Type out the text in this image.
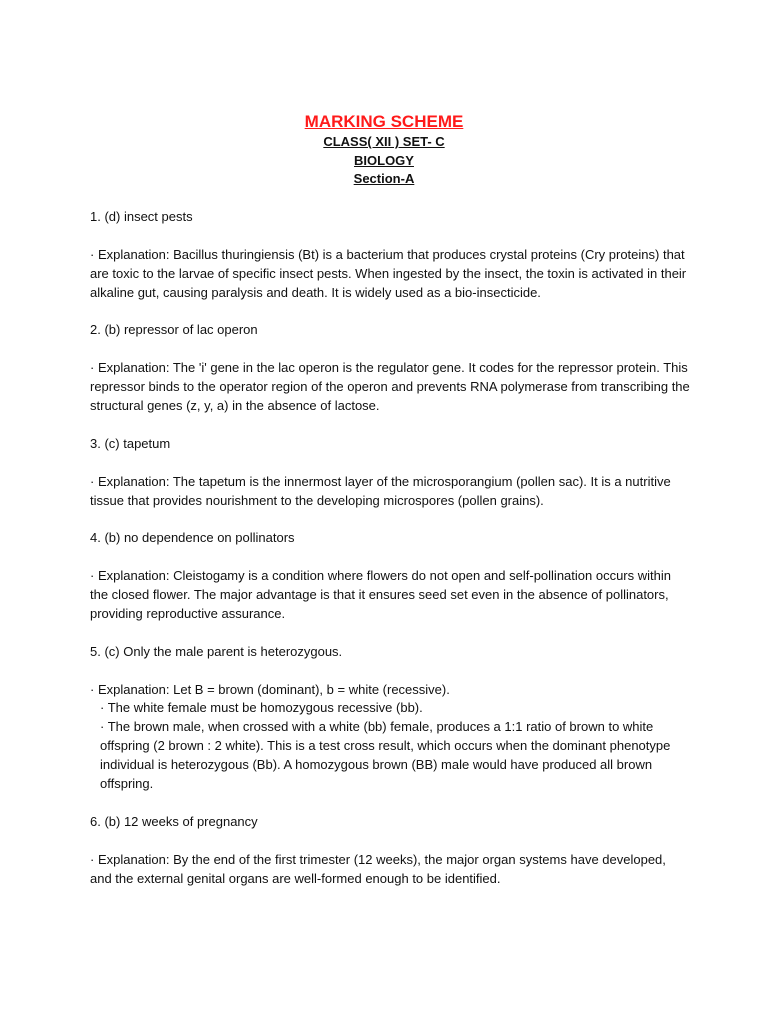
MARKING SCHEME

CLASS( XII ) SET- C

BIOLOGY

Section-A

1. (d) insect pests

· Explanation: Bacillus thuringiensis (Bt) is a bacterium that produces crystal proteins (Cry proteins) that are toxic to the larvae of specific insect pests. When ingested by the insect, the toxin is activated in their alkaline gut, causing paralysis and death. It is widely used as a bio-insecticide.

2. (b) repressor of lac operon

· Explanation: The 'i' gene in the lac operon is the regulator gene. It codes for the repressor protein. This repressor binds to the operator region of the operon and prevents RNA polymerase from transcribing the structural genes (z, y, a) in the absence of lactose.

3. (c) tapetum

· Explanation: The tapetum is the innermost layer of the microsporangium (pollen sac). It is a nutritive tissue that provides nourishment to the developing microspores (pollen grains).

4. (b) no dependence on pollinators

· Explanation: Cleistogamy is a condition where flowers do not open and self-pollination occurs within the closed flower. The major advantage is that it ensures seed set even in the absence of pollinators, providing reproductive assurance.

5. (c) Only the male parent is heterozygous.

· Explanation: Let B = brown (dominant), b = white (recessive).

· The white female must be homozygous recessive (bb).

· The brown male, when crossed with a white (bb) female, produces a 1:1 ratio of brown to white offspring (2 brown : 2 white). This is a test cross result, which occurs when the dominant phenotype individual is heterozygous (Bb). A homozygous brown (BB) male would have produced all brown offspring.

6. (b) 12 weeks of pregnancy

· Explanation: By the end of the first trimester (12 weeks), the major organ systems have developed, and the external genital organs are well-formed enough to be identified.
